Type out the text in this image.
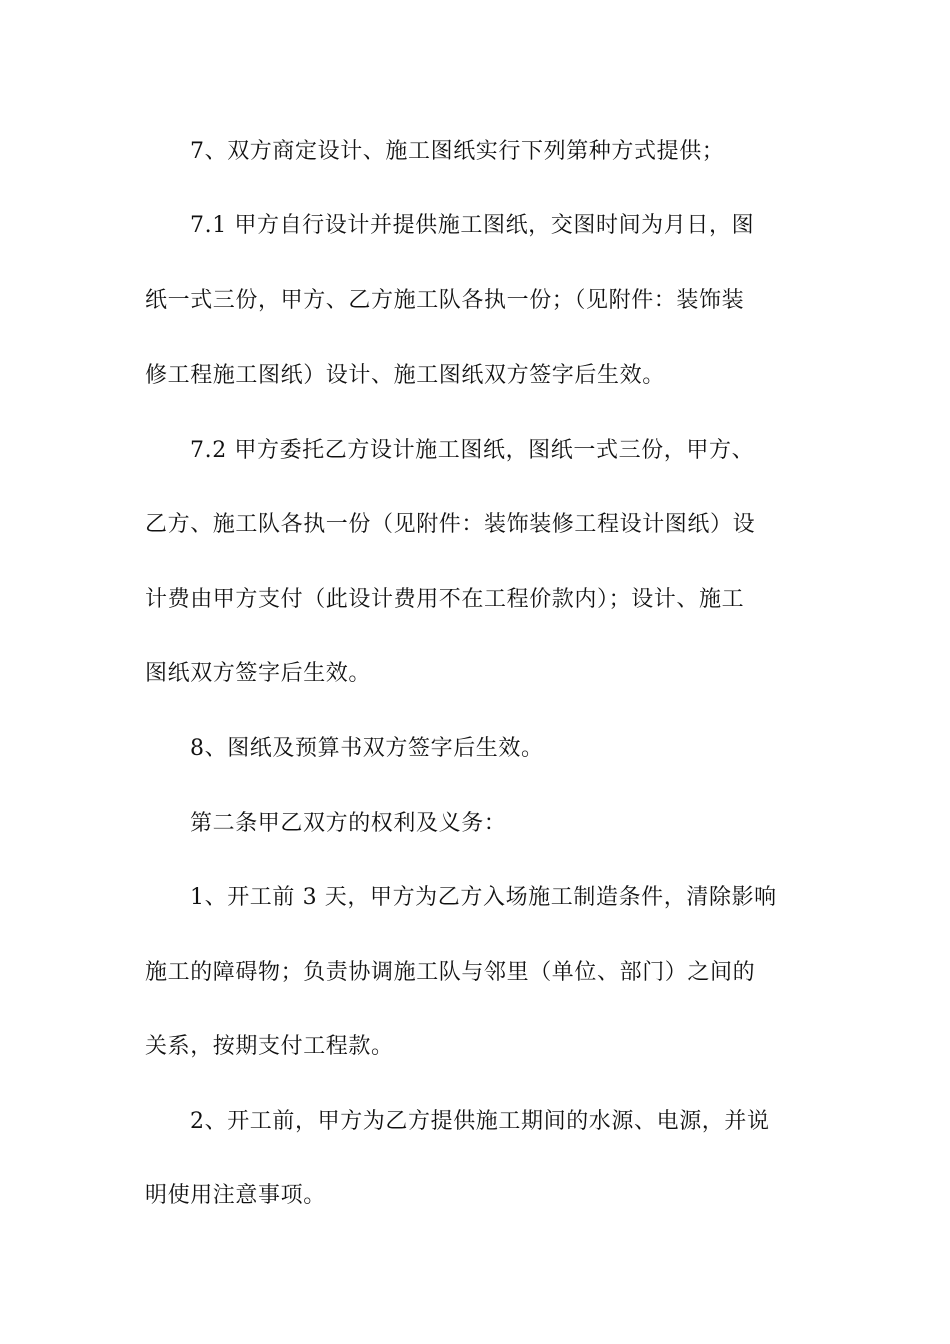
7、双方商定设计、施工图纸实行下列第种方式提供；
7.1 甲方自行设计并提供施工图纸，交图时间为月日，图
纸一式三份，甲方、乙方施工队各执一份；（见附件：装饰装
修工程施工图纸）设计、施工图纸双方签字后生效。
7.2 甲方委托乙方设计施工图纸，图纸一式三份，甲方、
乙方、施工队各执一份（见附件：装饰装修工程设计图纸）设
计费由甲方支付（此设计费用不在工程价款内）；设计、施工
图纸双方签字后生效。
8、图纸及预算书双方签字后生效。
第二条甲乙双方的权利及义务：
1、开工前 3 天，甲方为乙方入场施工制造条件，清除影响
施工的障碍物；负责协调施工队与邻里（单位、部门）之间的
关系，按期支付工程款。
2、开工前，甲方为乙方提供施工期间的水源、电源，并说
明使用注意事项。
